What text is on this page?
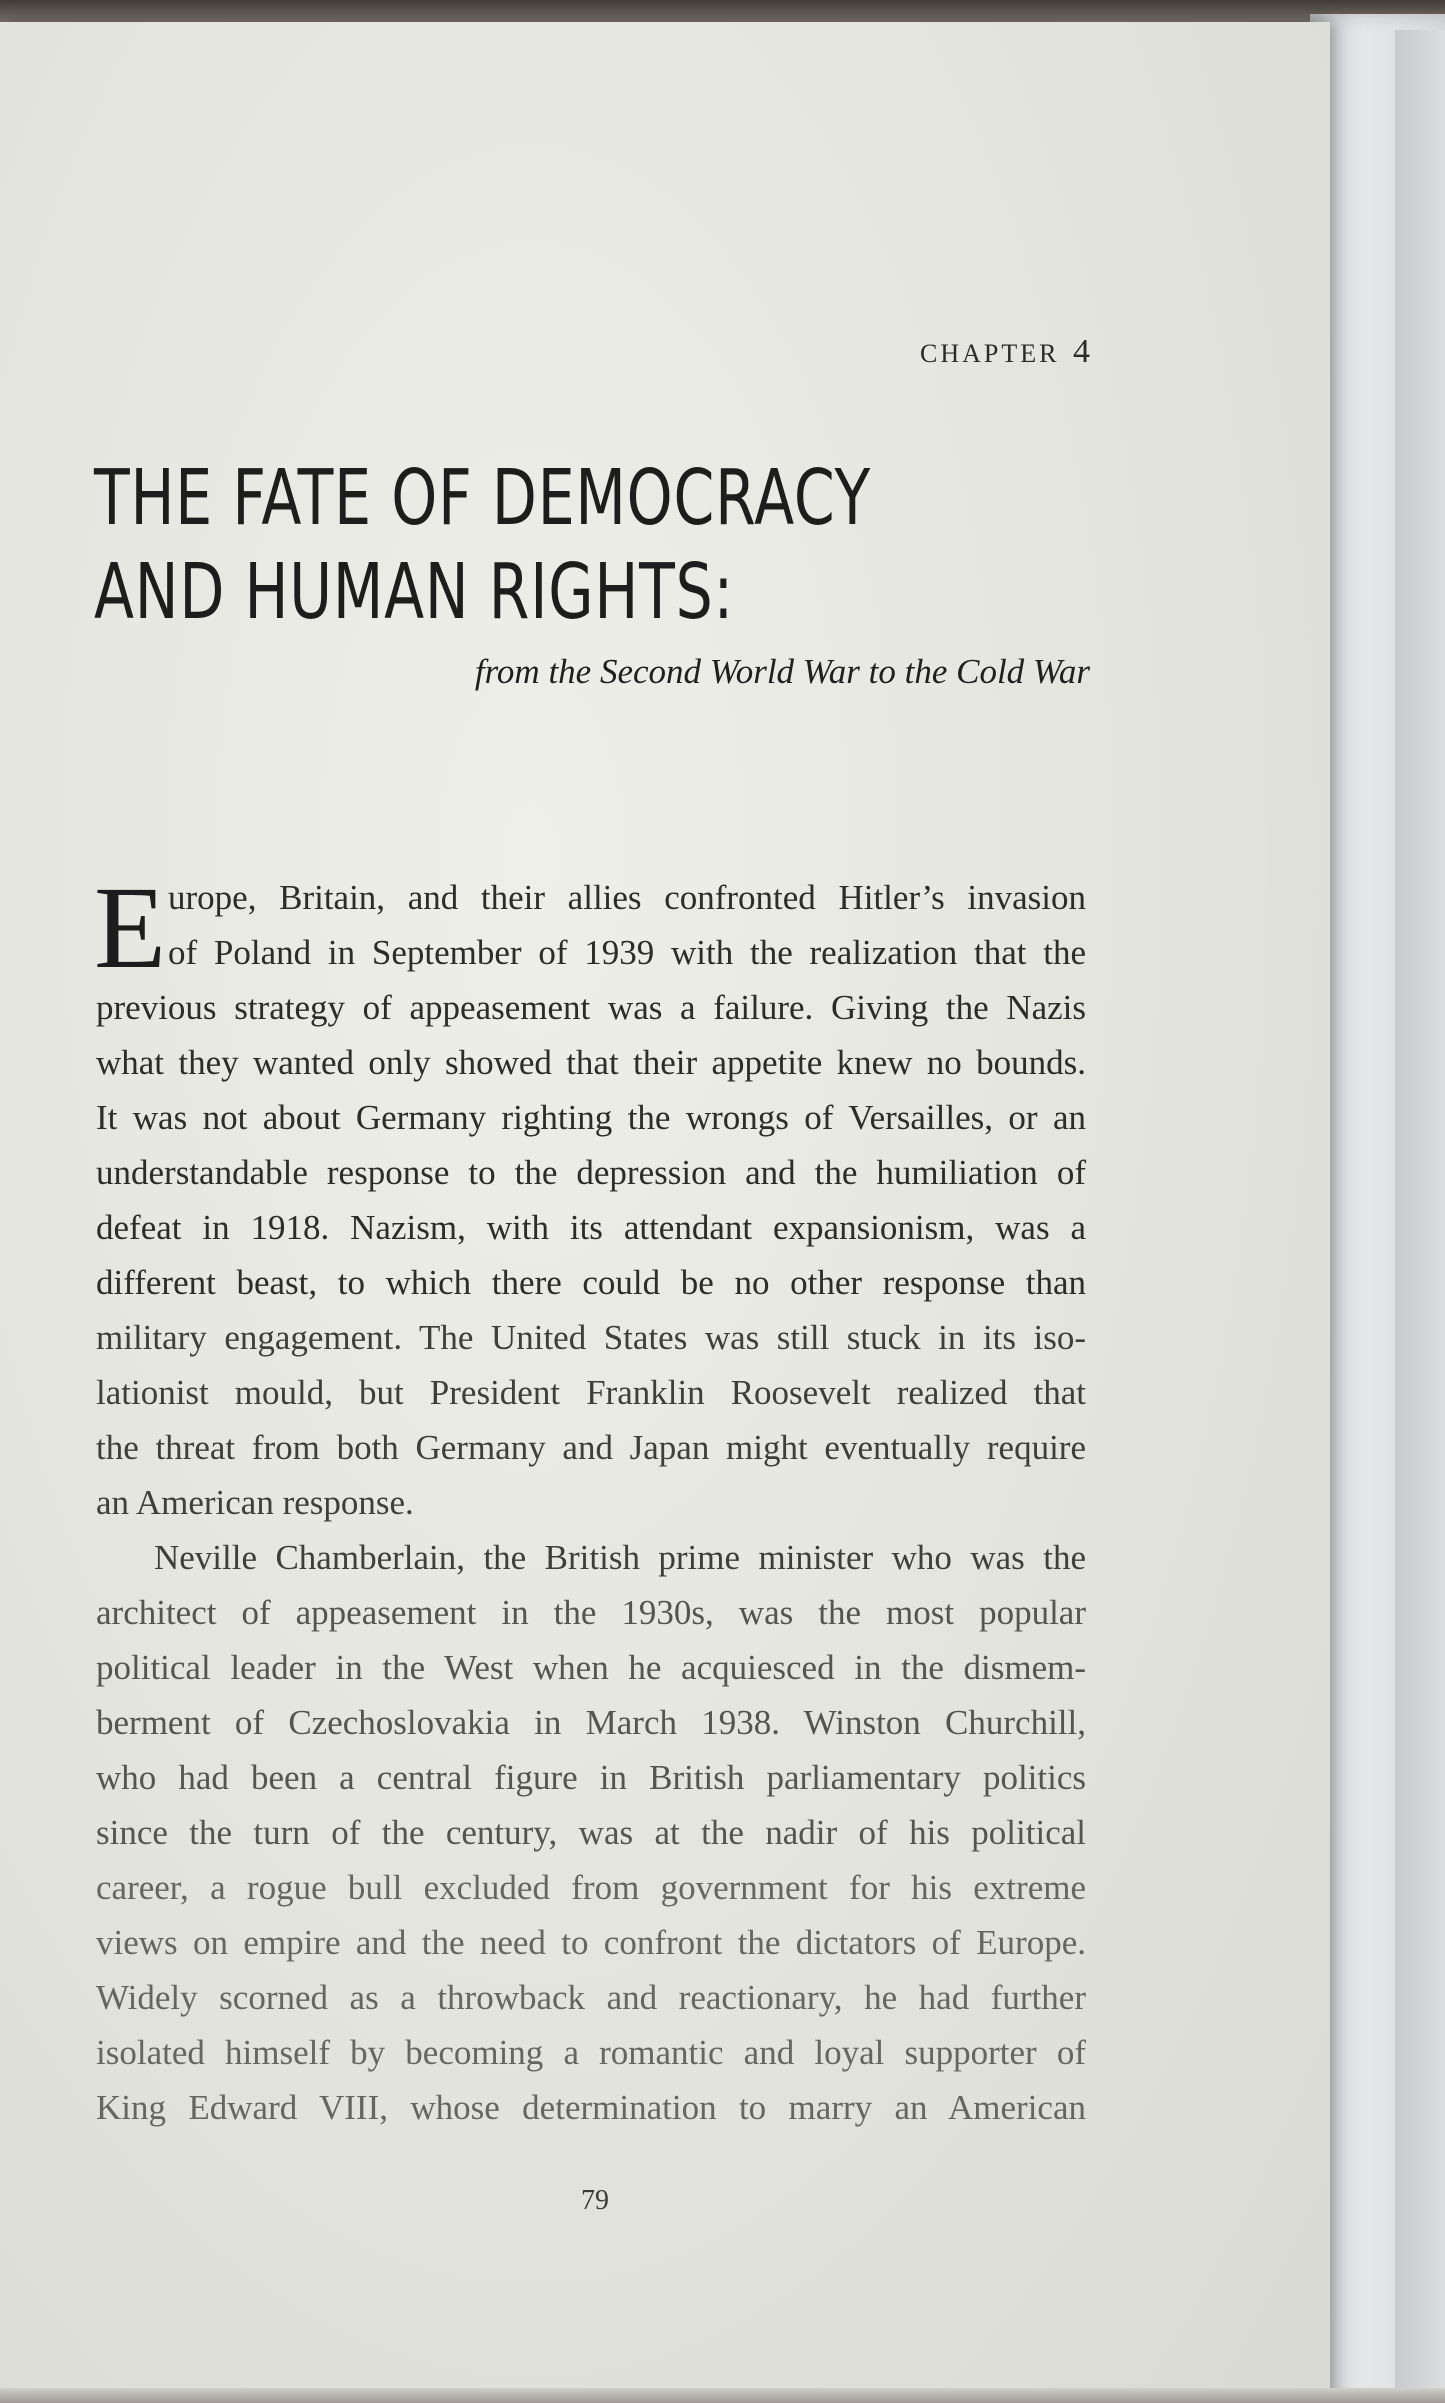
CHAPTER 4
THE FATE OF DEMOCRACY
AND HUMAN RIGHTS:
from the Second World War to the Cold War
E urope, Britain, and their allies confronted Hitler’s invasion
of Poland in September of 1939 with the realization that the
previous strategy of appeasement was a failure. Giving the Nazis
what they wanted only showed that their appetite knew no bounds.
It was not about Germany righting the wrongs of Versailles, or an
understandable response to the depression and the humiliation of
defeat in 1918. Nazism, with its attendant expansionism, was a
different beast, to which there could be no other response than
military engagement. The United States was still stuck in its iso-
lationist mould, but President Franklin Roosevelt realized that
the threat from both Germany and Japan might eventually require
an American response.
Neville Chamberlain, the British prime minister who was the
architect of appeasement in the 1930s, was the most popular
political leader in the West when he acquiesced in the dismem-
berment of Czechoslovakia in March 1938. Winston Churchill,
who had been a central figure in British parliamentary politics
since the turn of the century, was at the nadir of his political
career, a rogue bull excluded from government for his extreme
views on empire and the need to confront the dictators of Europe.
Widely scorned as a throwback and reactionary, he had further
isolated himself by becoming a romantic and loyal supporter of
King Edward VIII, whose determination to marry an American
79
